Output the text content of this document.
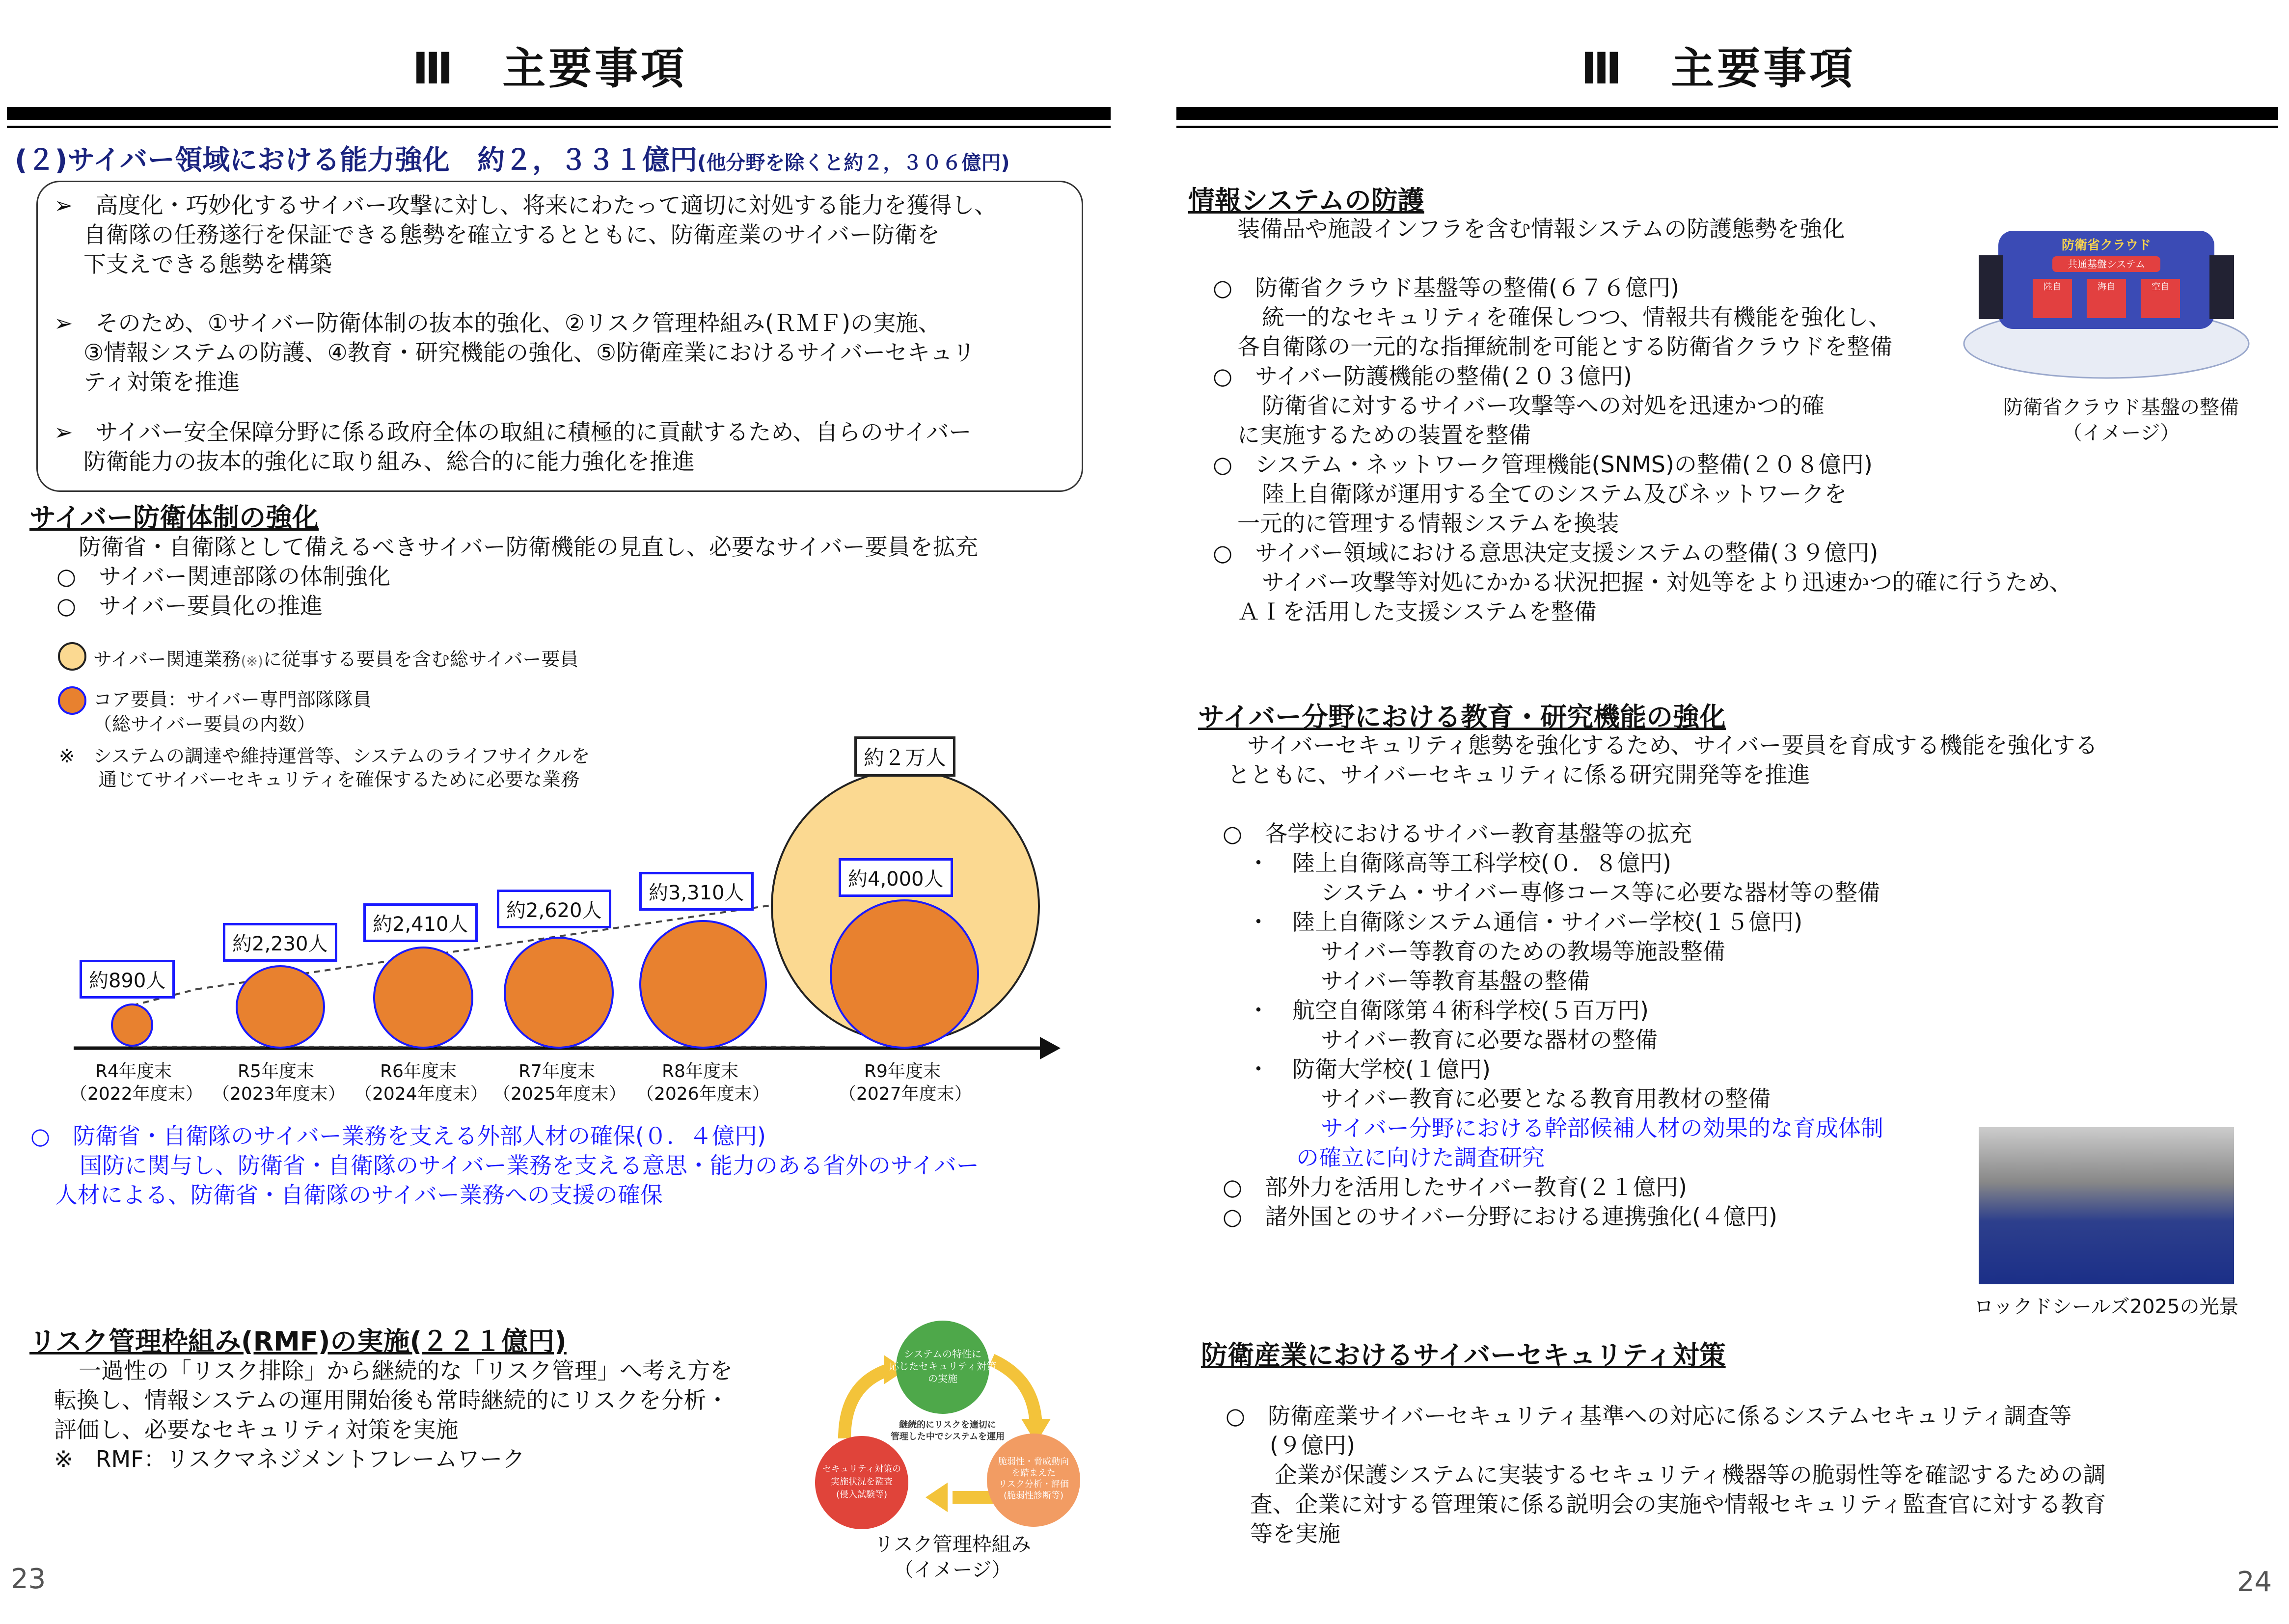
Ⅲ　主要事項
(２)サイバー領域における能力強化　約２，３３１億円(他分野を除くと約２，３０６億円)
➢　高度化・巧妙化するサイバー攻撃に対し、将来にわたって適切に対処する能力を獲得し、
自衛隊の任務遂行を保証できる態勢を確立するとともに、防衛産業のサイバー防衛を
下支えできる態勢を構築
➢　そのため、①サイバー防衛体制の抜本的強化、②リスク管理枠組み(ＲＭＦ)の実施、
③情報システムの防護、④教育・研究機能の強化、⑤防衛産業におけるサイバーセキュリ
ティ対策を推進
➢　サイバー安全保障分野に係る政府全体の取組に積極的に貢献するため、自らのサイバー
防衛能力の抜本的強化に取り組み、総合的に能力強化を推進
サイバー防衛体制の強化
防衛省・自衛隊として備えるべきサイバー防衛機能の見直し、必要なサイバー要員を拡充
○　サイバー関連部隊の体制強化
○　サイバー要員化の推進
サイバー関連業務(※)に従事する要員を含む総サイバー要員
コア要員：サイバー専門部隊隊員
（総サイバー要員の内数）
※　システムの調達や維持運営等、システムのライフサイクルを
通じてサイバーセキュリティを確保するために必要な業務
約２万人
約890人
約2,230人
約2,410人
約2,620人
約3,310人
約4,000人
R4年度末
（2022年度末）
R5年度末
（2023年度末）
R6年度末
（2024年度末）
R7年度末
（2025年度末）
R8年度末
（2026年度末）
R9年度末
（2027年度末）
○　防衛省・自衛隊のサイバー業務を支える外部人材の確保(０．４億円)
国防に関与し、防衛省・自衛隊のサイバー業務を支える意思・能力のある省外のサイバー
人材による、防衛省・自衛隊のサイバー業務への支援の確保
リスク管理枠組み(RMF)の実施(２２１億円)
一過性の「リスク排除」から継続的な「リスク管理」へ考え方を
転換し、情報システムの運用開始後も常時継続的にリスクを分析・
評価し、必要なセキュリティ対策を実施
※　RMF：リスクマネジメントフレームワーク
システムの特性に
応じたセキュリティ対策
の実施
脆弱性・脅威動向
を踏まえた
リスク分析・評価
(脆弱性診断等)
セキュリティ対策の
実施状況を監査
(侵入試験等)
継続的にリスクを適切に
管理した中でシステムを運用
リスク管理枠組み
（イメージ）
23
Ⅲ　主要事項
情報システムの防護
装備品や施設インフラを含む情報システムの防護態勢を強化
○　防衛省クラウド基盤等の整備(６７６億円)
統一的なセキュリティを確保しつつ、情報共有機能を強化し、
各自衛隊の一元的な指揮統制を可能とする防衛省クラウドを整備
○　サイバー防護機能の整備(２０３億円)
防衛省に対するサイバー攻撃等への対処を迅速かつ的確
に実施するための装置を整備
○　システム・ネットワーク管理機能(SNMS)の整備(２０８億円)
陸上自衛隊が運用する全てのシステム及びネットワークを
一元的に管理する情報システムを換装
○　サイバー領域における意思決定支援システムの整備(３９億円)
サイバー攻撃等対処にかかる状況把握・対処等をより迅速かつ的確に行うため、
ＡＩを活用した支援システムを整備
防衛省クラウド
共通基盤システム
陸自	海自	空自
防衛省クラウド基盤の整備
（イメージ）
サイバー分野における教育・研究機能の強化
サイバーセキュリティ態勢を強化するため、サイバー要員を育成する機能を強化する
とともに、サイバーセキュリティに係る研究開発等を推進
○　各学校におけるサイバー教育基盤等の拡充
・　陸上自衛隊高等工科学校(０．８億円)
システム・サイバー専修コース等に必要な器材等の整備
・　陸上自衛隊システム通信・サイバー学校(１５億円)
サイバー等教育のための教場等施設整備
サイバー等教育基盤の整備
・　航空自衛隊第４術科学校(５百万円)
サイバー教育に必要な器材の整備
・　防衛大学校(１億円)
サイバー教育に必要となる教育用教材の整備
サイバー分野における幹部候補人材の効果的な育成体制
の確立に向けた調査研究
○　部外力を活用したサイバー教育(２１億円)
○　諸外国とのサイバー分野における連携強化(４億円)
ロックドシールズ2025の光景
防衛産業におけるサイバーセキュリティ対策
○　防衛産業サイバーセキュリティ基準への対応に係るシステムセキュリティ調査等
(９億円)
企業が保護システムに実装するセキュリティ機器等の脆弱性等を確認するための調
査、企業に対する管理策に係る説明会の実施や情報セキュリティ監査官に対する教育
等を実施
24
